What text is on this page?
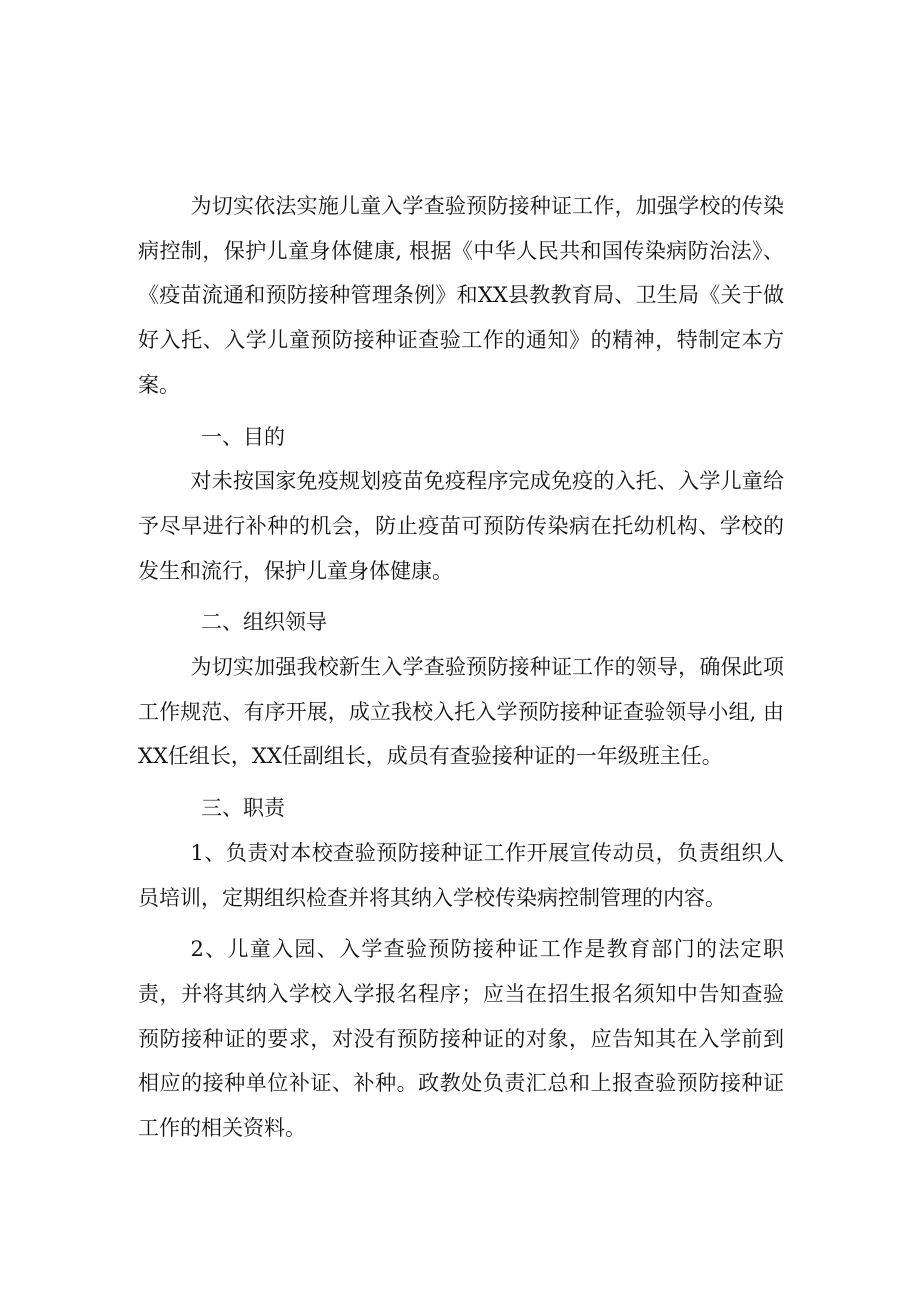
为切实依法实施儿童入学查验预防接种证工作，加强学校的传染病控制，保护儿童身体健康, 根据《中华人民共和国传染病防治法》、《疫苗流通和预防接种管理条例》和XX县教教育局、卫生局《关于做好入托、入学儿童预防接种证查验工作的通知》的精神，特制定本方案。

一、目的

对未按国家免疫规划疫苗免疫程序完成免疫的入托、入学儿童给予尽早进行补种的机会，防止疫苗可预防传染病在托幼机构、学校的发生和流行，保护儿童身体健康。

二、组织领导

为切实加强我校新生入学查验预防接种证工作的领导，确保此项工作规范、有序开展，成立我校入托入学预防接种证查验领导小组, 由XX任组长，XX任副组长，成员有查验接种证的一年级班主任。

三、职责

1、负责对本校查验预防接种证工作开展宣传动员，负责组织人员培训，定期组织检查并将其纳入学校传染病控制管理的内容。

2、儿童入园、入学查验预防接种证工作是教育部门的法定职责，并将其纳入学校入学报名程序；应当在招生报名须知中告知查验预防接种证的要求，对没有预防接种证的对象，应告知其在入学前到相应的接种单位补证、补种。政教处负责汇总和上报查验预防接种证工作的相关资料。
